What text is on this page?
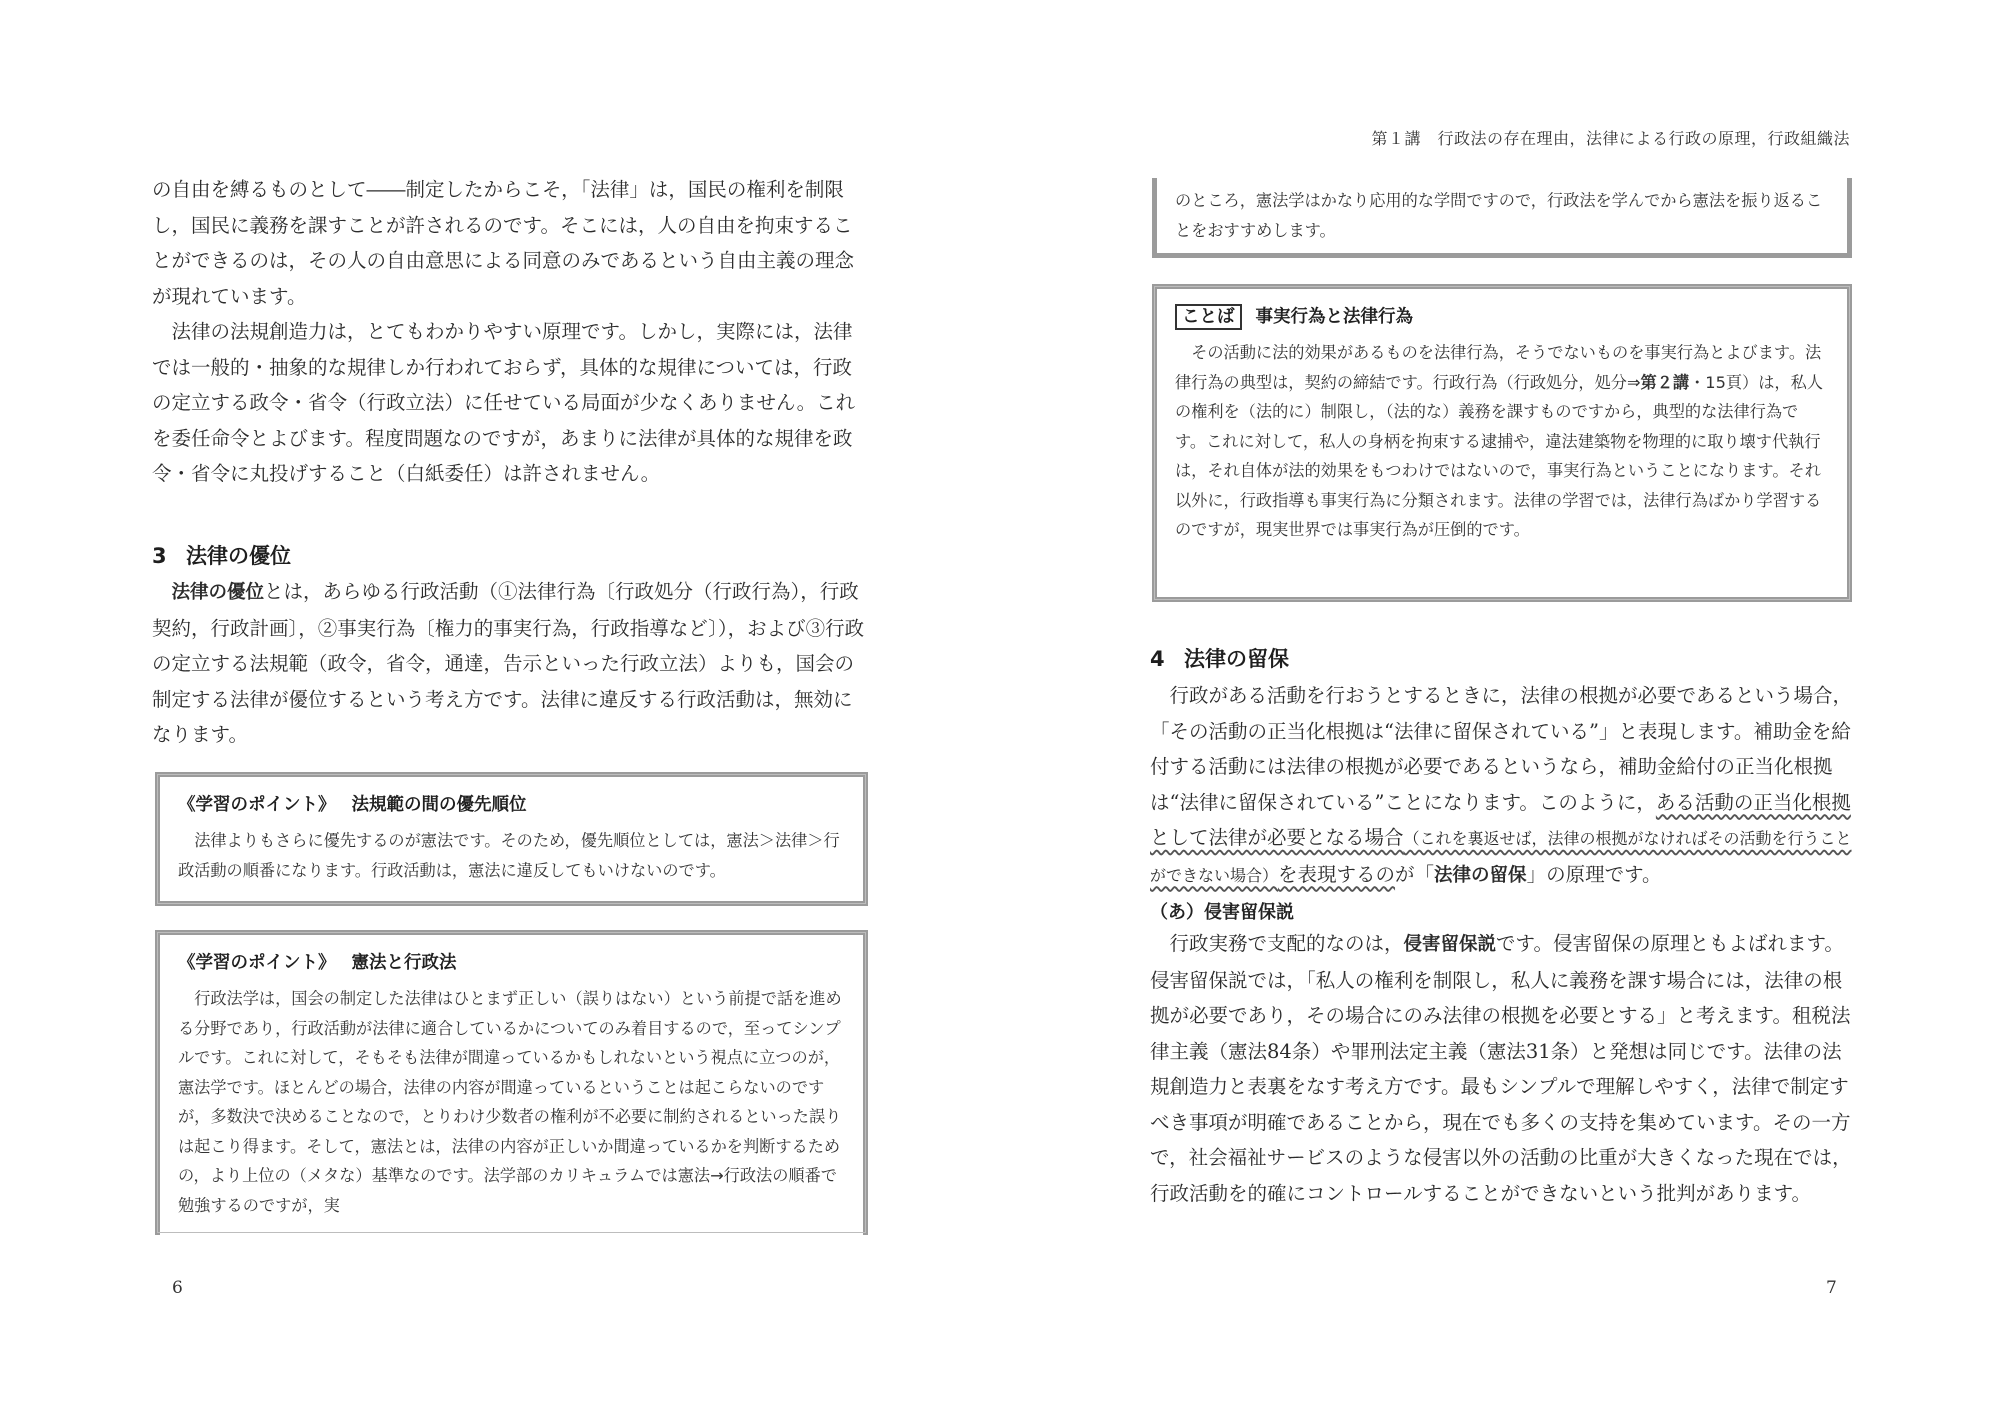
の自由を縛るものとして――制定したからこそ，「法律」は，国民の権利を制限し，国民に義務を課すことが許されるのです。そこには，人の自由を拘束することができるのは，その人の自由意思による同意のみであるという自由主義の理念が現れています。

法律の法規創造力は，とてもわかりやすい原理です。しかし，実際には，法律では一般的・抽象的な規律しか行われておらず，具体的な規律については，行政の定立する政令・省令（行政立法）に任せている局面が少なくありません。これを委任命令とよびます。程度問題なのですが，あまりに法律が具体的な規律を政令・省令に丸投げすること（白紙委任）は許されません。

3 法律の優位

法律の優位とは，あらゆる行政活動（①法律行為〔行政処分（行政行為），行政契約，行政計画〕，②事実行為〔権力的事実行為，行政指導など〕），および③行政の定立する法規範（政令，省令，通達，告示といった行政立法）よりも，国会の制定する法律が優位するという考え方です。法律に違反する行政活動は，無効になります。

《学習のポイント》 法規範の間の優先順位

法律よりもさらに優先するのが憲法です。そのため，優先順位としては，憲法＞法律＞行政活動の順番になります。行政活動は，憲法に違反してもいけないのです。

《学習のポイント》 憲法と行政法

行政法学は，国会の制定した法律はひとまず正しい（誤りはない）という前提で話を進める分野であり，行政活動が法律に適合しているかについてのみ着目するので，至ってシンプルです。これに対して，そもそも法律が間違っているかもしれないという視点に立つのが，憲法学です。ほとんどの場合，法律の内容が間違っているということは起こらないのですが，多数決で決めることなので，とりわけ少数者の権利が不必要に制約されるといった誤りは起こり得ます。そして，憲法とは，法律の内容が正しいか間違っているかを判断するための，より上位の（メタな）基準なのです。法学部のカリキュラムでは憲法→行政法の順番で勉強するのですが，実

6
第１講　行政法の存在理由，法律による行政の原理，行政組織法

のところ，憲法学はかなり応用的な学問ですので，行政法を学んでから憲法を振り返ることをおすすめします。

ことば 事実行為と法律行為

その活動に法的効果があるものを法律行為，そうでないものを事実行為とよびます。法律行為の典型は，契約の締結です。行政行為（行政処分，処分⇒第２講・15頁）は，私人の権利を（法的に）制限し，（法的な）義務を課すものですから，典型的な法律行為です。これに対して，私人の身柄を拘束する逮捕や，違法建築物を物理的に取り壊す代執行は，それ自体が法的効果をもつわけではないので，事実行為ということになります。それ以外に，行政指導も事実行為に分類されます。法律の学習では，法律行為ばかり学習するのですが，現実世界では事実行為が圧倒的です。

4 法律の留保

行政がある活動を行おうとするときに，法律の根拠が必要であるという場合，「その活動の正当化根拠は“法律に留保されている”」と表現します。補助金を給付する活動には法律の根拠が必要であるというなら，補助金給付の正当化根拠は“法律に留保されている”ことになります。このように，ある活動の正当化根拠として法律が必要となる場合（これを裏返せば，法律の根拠がなければその活動を行うことができない場合）を表現するのが「法律の留保」の原理です。

（あ）侵害留保説

行政実務で支配的なのは，侵害留保説です。侵害留保の原理ともよばれます。侵害留保説では，「私人の権利を制限し，私人に義務を課す場合には，法律の根拠が必要であり，その場合にのみ法律の根拠を必要とする」と考えます。租税法律主義（憲法84条）や罪刑法定主義（憲法31条）と発想は同じです。法律の法規創造力と表裏をなす考え方です。最もシンプルで理解しやすく，法律で制定すべき事項が明確であることから，現在でも多くの支持を集めています。その一方で，社会福祉サービスのような侵害以外の活動の比重が大きくなった現在では，行政活動を的確にコントロールすることができないという批判があります。

7
